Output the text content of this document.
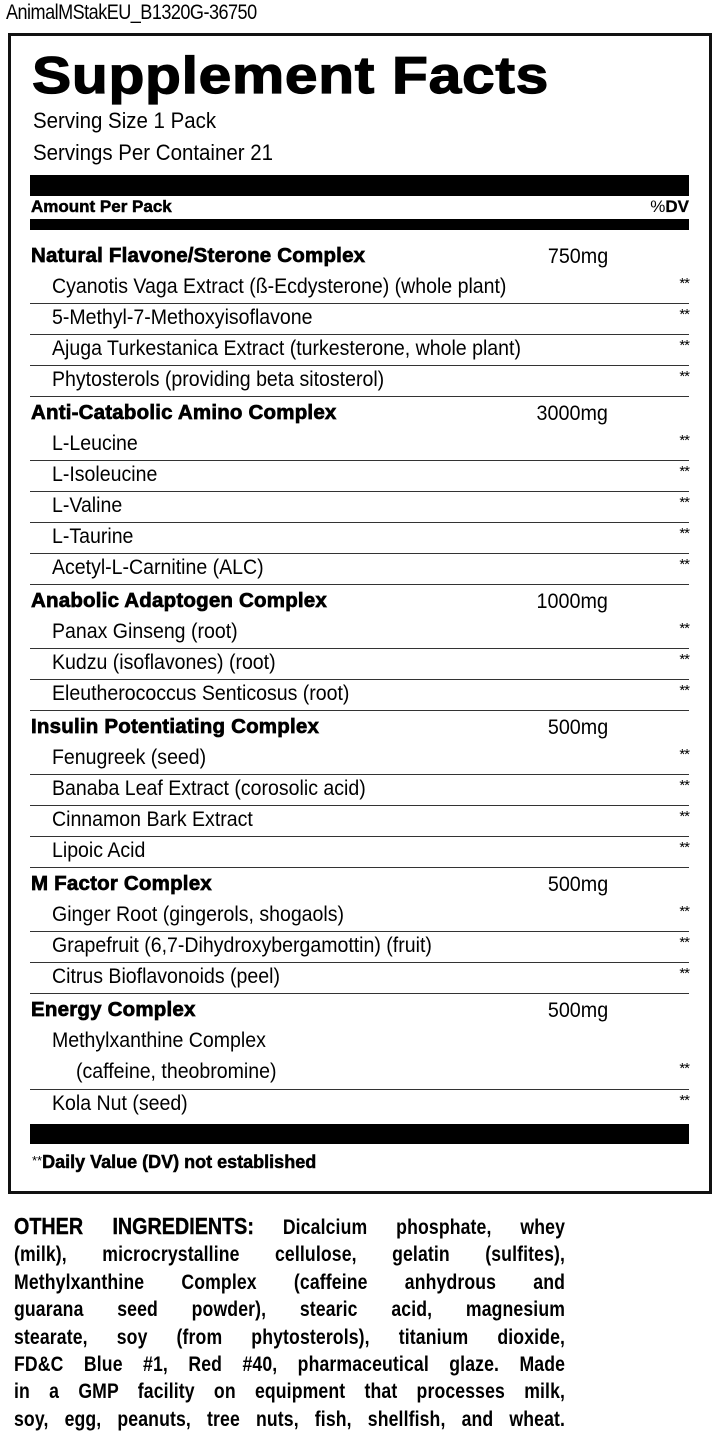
AnimalMStakEU_B1320G-36750
Supplement Facts
Serving Size 1 Pack
Servings Per Container 21
Amount Per Pack	%DV
Natural Flavone/Sterone Complex	750mg
Cyanotis Vaga Extract (ß-Ecdysterone) (whole plant)	**
5-Methyl-7-Methoxyisoflavone	**
Ajuga Turkestanica Extract (turkesterone, whole plant)	**
Phytosterols (providing beta sitosterol)	**
Anti-Catabolic Amino Complex	3000mg
L-Leucine	**
L-Isoleucine	**
L-Valine	**
L-Taurine	**
Acetyl-L-Carnitine (ALC)	**
Anabolic Adaptogen Complex	1000mg
Panax Ginseng (root)	**
Kudzu (isoflavones) (root)	**
Eleutherococcus Senticosus (root)	**
Insulin Potentiating Complex	500mg
Fenugreek (seed)	**
Banaba Leaf Extract (corosolic acid)	**
Cinnamon Bark Extract	**
Lipoic Acid	**
M Factor Complex	500mg
Ginger Root (gingerols, shogaols)	**
Grapefruit (6,7-Dihydroxybergamottin) (fruit)	**
Citrus Bioflavonoids (peel)	**
Energy Complex	500mg
Methylxanthine Complex
(caffeine, theobromine)	**
Kola Nut (seed)	**
**Daily Value (DV) not established
OTHER INGREDIENTS: Dicalcium phosphate, whey
(milk), microcrystalline cellulose, gelatin (sulfites),
Methylxanthine Complex (caffeine anhydrous and
guarana seed powder), stearic acid, magnesium
stearate, soy (from phytosterols), titanium dioxide,
FD&C Blue #1, Red #40, pharmaceutical glaze. Made
in a GMP facility on equipment that processes milk,
soy, egg, peanuts, tree nuts, fish, shellfish, and wheat.
